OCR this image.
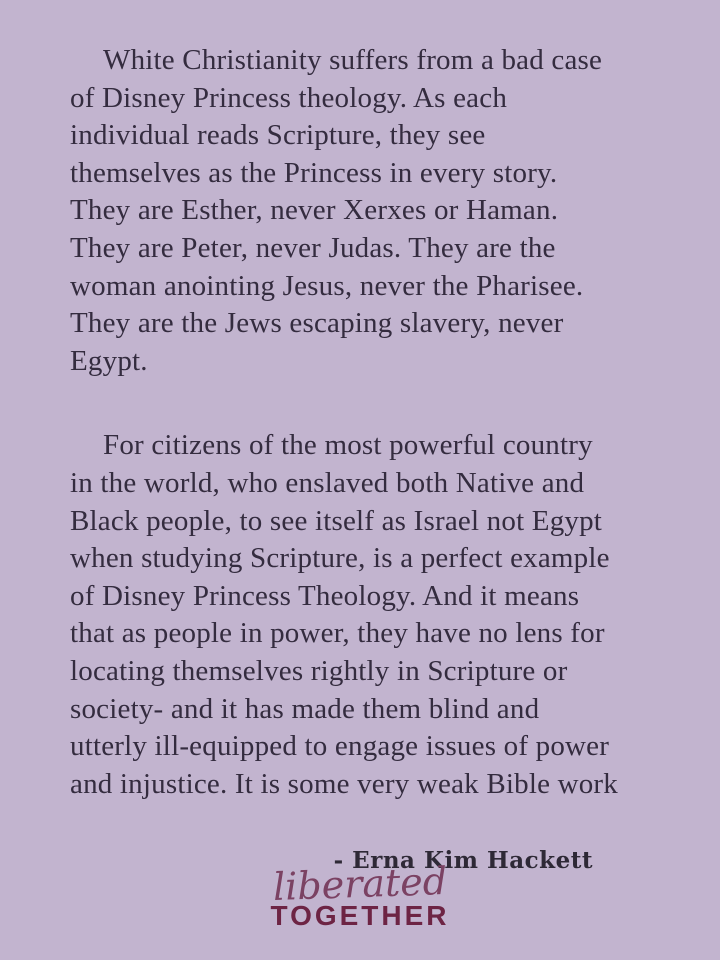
White Christianity suffers from a bad case
of Disney Princess theology. As each
individual reads Scripture, they see
themselves as the Princess in every story.
They are Esther, never Xerxes or Haman.
They are Peter, never Judas. They are the
woman anointing Jesus, never the Pharisee.
They are the Jews escaping slavery, never
Egypt.
For citizens of the most powerful country
in the world, who enslaved both Native and
Black people, to see itself as Israel not Egypt
when studying Scripture, is a perfect example
of Disney Princess Theology. And it means
that as people in power, they have no lens for
locating themselves rightly in Scripture or
society- and it has made them blind and
utterly ill-equipped to engage issues of power
and injustice. It is some very weak Bible work
- Erna Kim Hackett
liberated
TOGETHER
